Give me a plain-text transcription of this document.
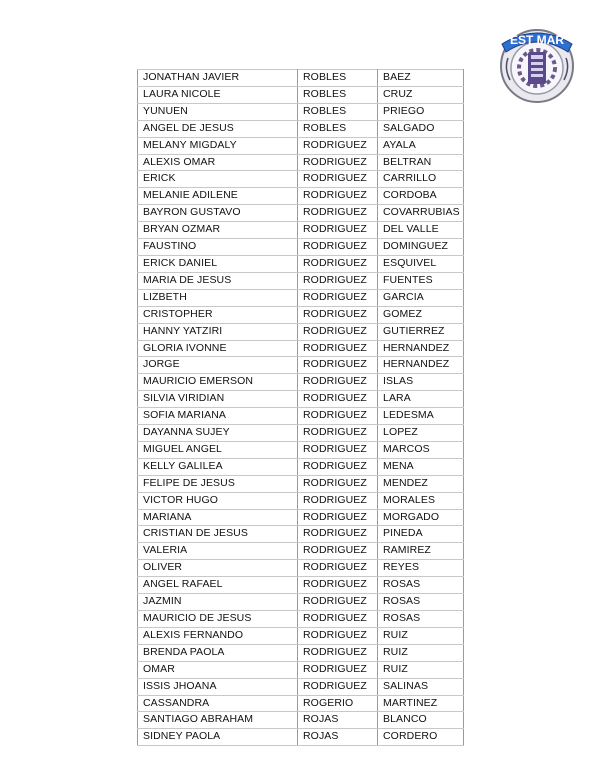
EST MAR
JONATHAN JAVIER	ROBLES	BAEZ
LAURA NICOLE	ROBLES	CRUZ
YUNUEN	ROBLES	PRIEGO
ANGEL DE JESUS	ROBLES	SALGADO
MELANY MIGDALY	RODRIGUEZ	AYALA
ALEXIS OMAR	RODRIGUEZ	BELTRAN
ERICK	RODRIGUEZ	CARRILLO
MELANIE ADILENE	RODRIGUEZ	CORDOBA
BAYRON GUSTAVO	RODRIGUEZ	COVARRUBIAS
BRYAN OZMAR	RODRIGUEZ	DEL VALLE
FAUSTINO	RODRIGUEZ	DOMINGUEZ
ERICK DANIEL	RODRIGUEZ	ESQUIVEL
MARIA DE JESUS	RODRIGUEZ	FUENTES
LIZBETH	RODRIGUEZ	GARCIA
CRISTOPHER	RODRIGUEZ	GOMEZ
HANNY YATZIRI	RODRIGUEZ	GUTIERREZ
GLORIA IVONNE	RODRIGUEZ	HERNANDEZ
JORGE	RODRIGUEZ	HERNANDEZ
MAURICIO EMERSON	RODRIGUEZ	ISLAS
SILVIA VIRIDIAN	RODRIGUEZ	LARA
SOFIA MARIANA	RODRIGUEZ	LEDESMA
DAYANNA SUJEY	RODRIGUEZ	LOPEZ
MIGUEL ANGEL	RODRIGUEZ	MARCOS
KELLY GALILEA	RODRIGUEZ	MENA
FELIPE DE JESUS	RODRIGUEZ	MENDEZ
VICTOR HUGO	RODRIGUEZ	MORALES
MARIANA	RODRIGUEZ	MORGADO
CRISTIAN DE JESUS	RODRIGUEZ	PINEDA
VALERIA	RODRIGUEZ	RAMIREZ
OLIVER	RODRIGUEZ	REYES
ANGEL RAFAEL	RODRIGUEZ	ROSAS
JAZMIN	RODRIGUEZ	ROSAS
MAURICIO DE JESUS	RODRIGUEZ	ROSAS
ALEXIS FERNANDO	RODRIGUEZ	RUIZ
BRENDA PAOLA	RODRIGUEZ	RUIZ
OMAR	RODRIGUEZ	RUIZ
ISSIS JHOANA	RODRIGUEZ	SALINAS
CASSANDRA	ROGERIO	MARTINEZ
SANTIAGO ABRAHAM	ROJAS	BLANCO
SIDNEY PAOLA	ROJAS	CORDERO
